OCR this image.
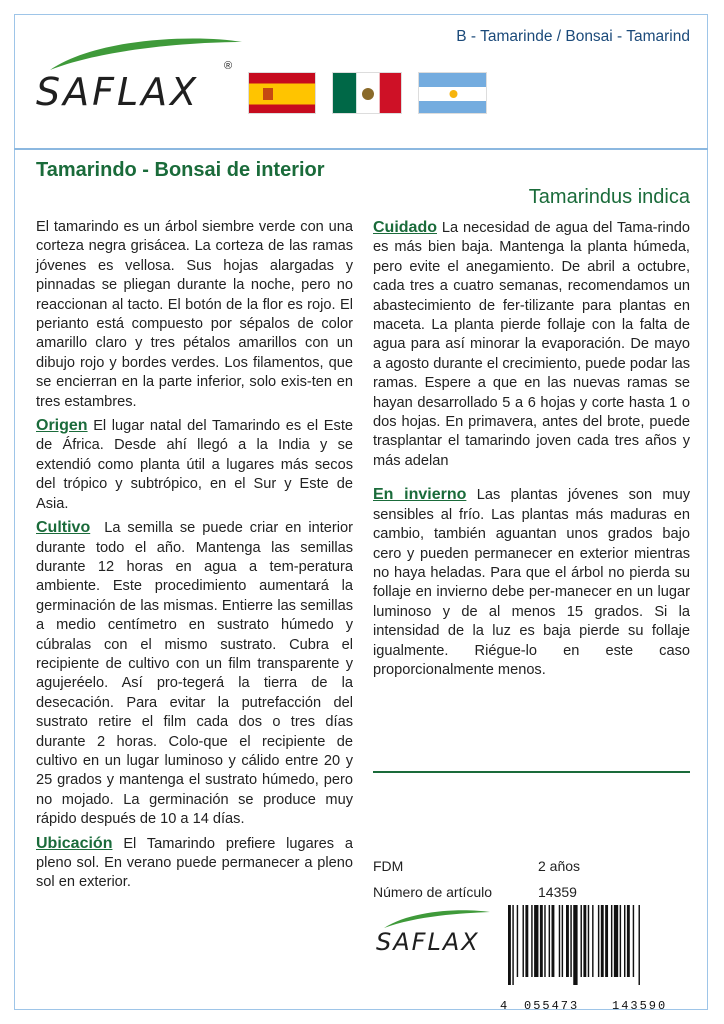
SAFLAX
®
B - Tamarinde / Bonsai - Tamarind
Tamarindo - Bonsai de interior
Tamarindus indica

El tamarindo es un árbol siembre verde con una corteza negra grisácea. La corteza de las ramas jóvenes es vellosa. Sus hojas alargadas y pinnadas se pliegan durante la noche, pero no reaccionan al tacto. El botón de la flor es rojo. El perianto está compuesto por sépalos de color amarillo claro y tres pétalos amarillos con un dibujo rojo y bordes verdes. Los filamentos, que se encierran en la parte inferior, solo exis-ten en tres estambres.

Origen El lugar natal del Tamarindo es el Este de África. Desde ahí llegó a la India y se extendió como planta útil a lugares más secos del trópico y subtrópico, en el Sur y Este de Asia.

Cultivo La semilla se puede criar en interior durante todo el año. Mantenga las semillas durante 12 horas en agua a tem-peratura ambiente. Este procedimiento aumentará la germinación de las mismas. Entierre las semillas a medio centímetro en sustrato húmedo y cúbralas con el mismo sustrato. Cubra el recipiente de cultivo con un film transparente y agujeréelo. Así pro-tegerá la tierra de la desecación. Para evitar la putrefacción del sustrato retire el film cada dos o tres días durante 2 horas. Colo-que el recipiente de cultivo en un lugar luminoso y cálido entre 20 y 25 grados y mantenga el sustrato húmedo, pero no mojado. La germinación se produce muy rápido después de 10 a 14 días.

Ubicación El Tamarindo prefiere lugares a pleno sol. En verano puede permanecer a pleno sol en exterior.

Cuidado La necesidad de agua del Tama-rindo es más bien baja. Mantenga la planta húmeda, pero evite el anegamiento. De abril a octubre, cada tres a cuatro semanas, recomendamos un abastecimiento de fer-tilizante para plantas en maceta. La planta pierde follaje con la falta de agua para así minorar la evaporación. De mayo a agosto durante el crecimiento, puede podar las ramas. Espere a que en las nuevas ramas se hayan desarrollado 5 a 6 hojas y corte hasta 1 o dos hojas. En primavera, antes del brote, puede trasplantar el tamarindo joven cada tres años y más adelan

En invierno Las plantas jóvenes son muy sensibles al frío. Las plantas más maduras en cambio, también aguantan unos grados bajo cero y pueden permanecer en exterior mientras no haya heladas. Para que el árbol no pierda su follaje en invierno debe per-manecer en un lugar luminoso y de al menos 15 grados. Si la intensidad de la luz es baja pierde su follaje igualmente. Riégue-lo en este caso proporcionalmente menos.

FDM	2 años
Número de artículo	14359
SAFLAX
4 055473	143590
